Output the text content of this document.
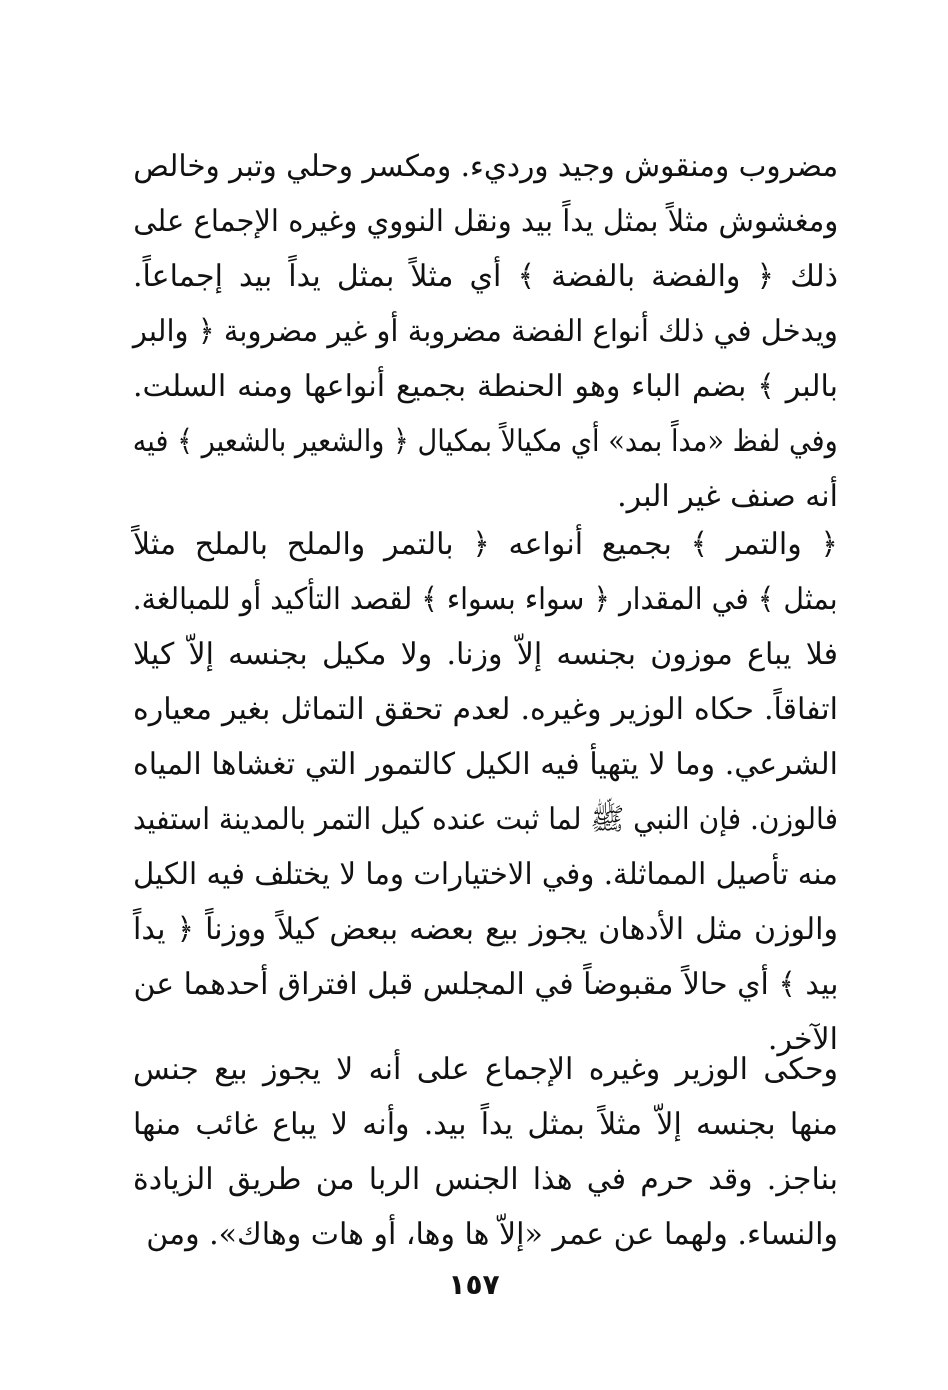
مضروب ومنقوش وجيد ورديء. ومكسر وحلي وتبر وخالص
ومغشوش مثلاً بمثل يداً بيد ونقل النووي وغيره الإجماع على
ذلك ﴿ والفضة بالفضة ﴾ أي مثلاً بمثل يداً بيد إجماعاً.
ويدخل في ذلك أنواع الفضة مضروبة أو غير مضروبة ﴿ والبر
بالبر ﴾ بضم الباء وهو الحنطة بجميع أنواعها ومنه السلت.
وفي لفظ «مداً بمد» أي مكيالاً بمكيال ﴿ والشعير بالشعير ﴾ فيه
أنه صنف غير البر.
﴿ والتمر ﴾ بجميع أنواعه ﴿ بالتمر والملح بالملح مثلاً
بمثل ﴾ في المقدار ﴿ سواء بسواء ﴾ لقصد التأكيد أو للمبالغة.
فلا يباع موزون بجنسه إلاّ وزنا. ولا مكيل بجنسه إلاّ كيلا
اتفاقاً. حكاه الوزير وغيره. لعدم تحقق التماثل بغير معياره
الشرعي. وما لا يتهيأ فيه الكيل كالتمور التي تغشاها المياه
فالوزن. فإن النبي ﷺ لما ثبت عنده كيل التمر بالمدينة استفيد
منه تأصيل المماثلة. وفي الاختيارات وما لا يختلف فيه الكيل
والوزن مثل الأدهان يجوز بيع بعضه ببعض كيلاً ووزناً ﴿ يداً
بيد ﴾ أي حالاً مقبوضاً في المجلس قبل افتراق أحدهما عن
الآخر.
وحكى الوزير وغيره الإجماع على أنه لا يجوز بيع جنس
منها بجنسه إلاّ مثلاً بمثل يداً بيد. وأنه لا يباع غائب منها
بناجز. وقد حرم في هذا الجنس الربا من طريق الزيادة
والنساء. ولهما عن عمر «إلاّ ها وها، أو هات وهاك». ومن
١٥٧
